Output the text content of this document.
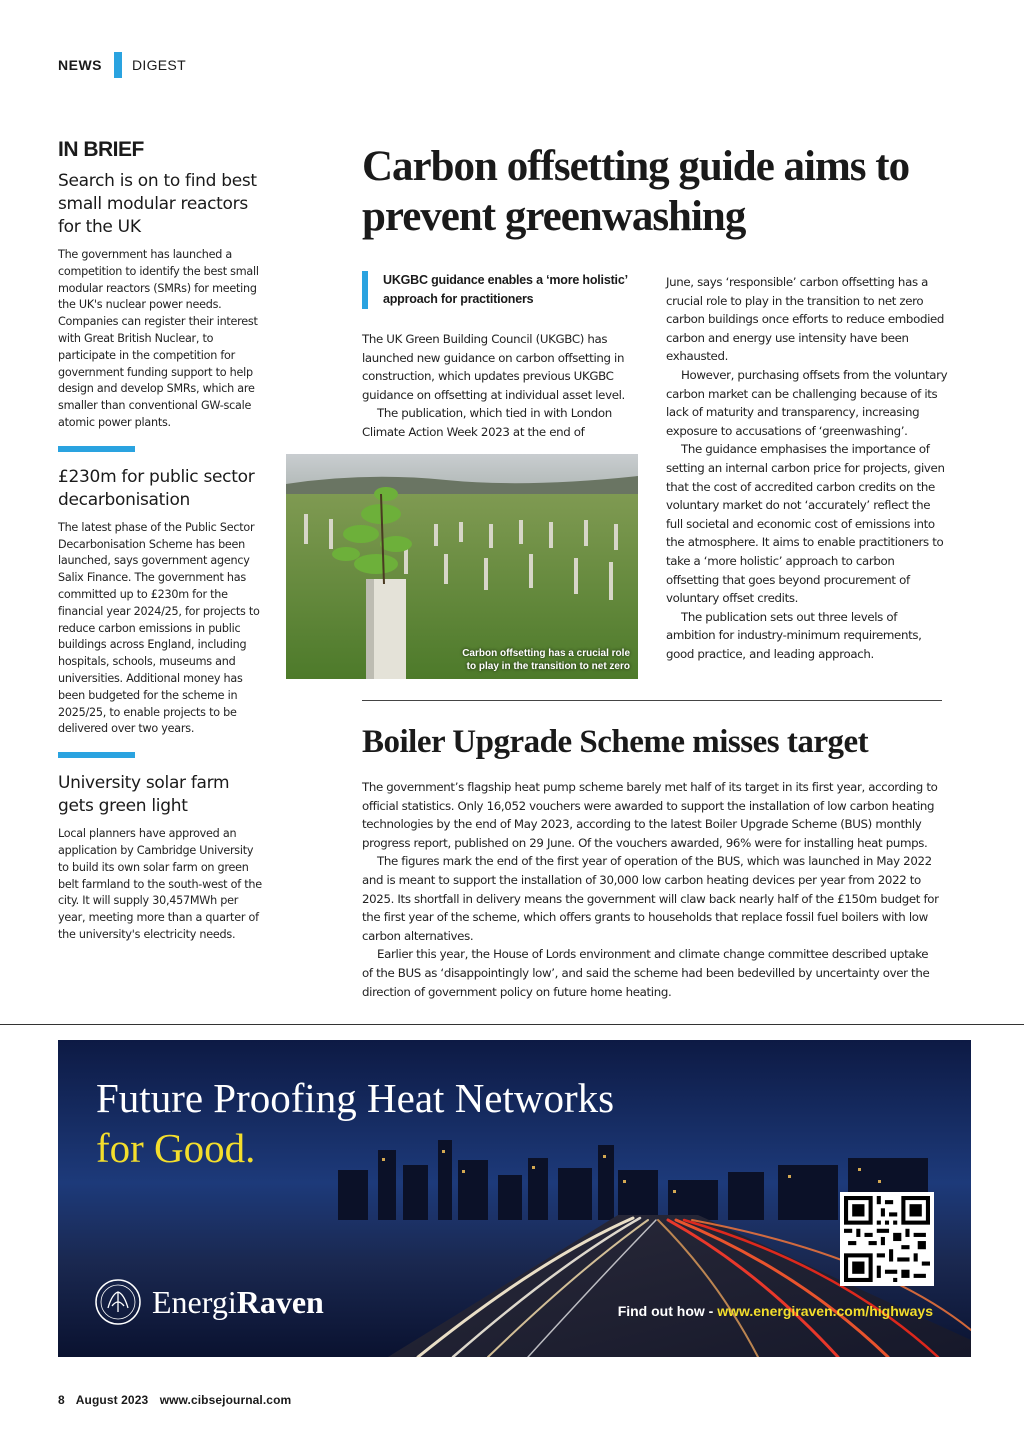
NEWS DIGEST
IN BRIEF
Search is on to find best small modular reactors for the UK

The government has launched a competition to identify the best small modular reactors (SMRs) for meeting the UK's nuclear power needs. Companies can register their interest with Great British Nuclear, to participate in the competition for government funding support to help design and develop SMRs, which are smaller than conventional GW-scale atomic power plants.

£230m for public sector decarbonisation

The latest phase of the Public Sector Decarbonisation Scheme has been launched, says government agency Salix Finance. The government has committed up to £230m for the financial year 2024/25, for projects to reduce carbon emissions in public buildings across England, including hospitals, schools, museums and universities. Additional money has been budgeted for the scheme in 2025/25, to enable projects to be delivered over two years.

University solar farm gets green light

Local planners have approved an application by Cambridge University to build its own solar farm on green belt farmland to the south-west of the city. It will supply 30,457MWh per year, meeting more than a quarter of the university's electricity needs.

Carbon offsetting guide aims to prevent greenwashing
UKGBC guidance enables a ‘more holistic’ approach for practitioners

The UK Green Building Council (UKGBC) has launched new guidance on carbon offsetting in construction, which updates previous UKGBC guidance on offsetting at individual asset level.

The publication, which tied in with London Climate Action Week 2023 at the end of

Carbon offsetting has a crucial role
to play in the transition to net zero

June, says ‘responsible’ carbon offsetting has a crucial role to play in the transition to net zero carbon buildings once efforts to reduce embodied carbon and energy use intensity have been exhausted.

However, purchasing offsets from the voluntary carbon market can be challenging because of its lack of maturity and transparency, increasing exposure to accusations of ‘greenwashing’.

The guidance emphasises the importance of setting an internal carbon price for projects, given that the cost of accredited carbon credits on the voluntary market do not ‘accurately’ reflect the full societal and economic cost of emissions into the atmosphere. It aims to enable practitioners to take a ‘more holistic’ approach to carbon offsetting that goes beyond procurement of voluntary offset credits.

The publication sets out three levels of ambition for industry-minimum requirements, good practice, and leading approach.

Boiler Upgrade Scheme misses target

The government’s flagship heat pump scheme barely met half of its target in its first year, according to official statistics. Only 16,052 vouchers were awarded to support the installation of low carbon heating technologies by the end of May 2023, according to the latest Boiler Upgrade Scheme (BUS) monthly progress report, published on 29 June. Of the vouchers awarded, 96% were for installing heat pumps.

The figures mark the end of the first year of operation of the BUS, which was launched in May 2022 and is meant to support the installation of 30,000 low carbon heating devices per year from 2022 to 2025. Its shortfall in delivery means the government will claw back nearly half of the £150m budget for the first year of the scheme, which offers grants to households that replace fossil fuel boilers with low carbon alternatives.

Earlier this year, the House of Lords environment and climate change committee described uptake of the BUS as ‘disappointingly low’, and said the scheme had been bedevilled by uncertainty over the direction of government policy on future home heating.

Future Proofing Heat Networks
for Good.
EnergiRaven	Find out how - www.energiraven.com/highways
8 August 2023 www.cibsejournal.com
